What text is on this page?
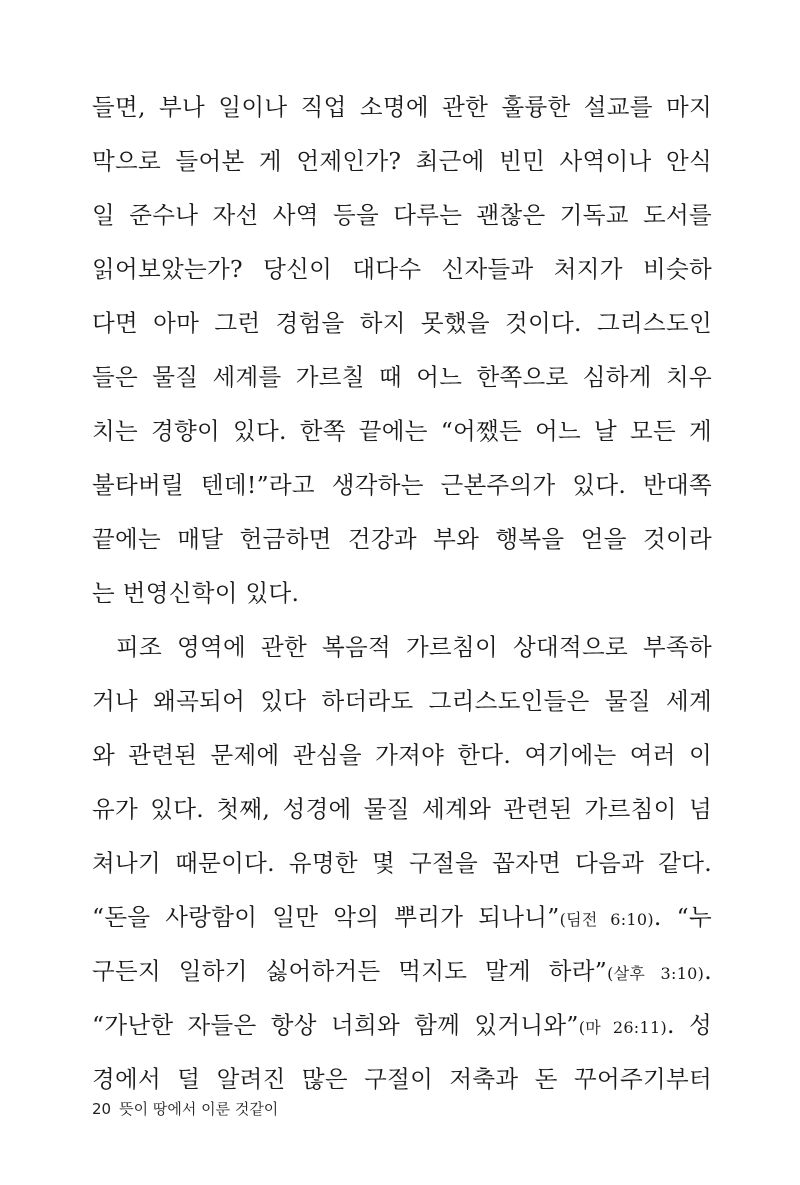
들면, 부나 일이나 직업 소명에 관한 훌륭한 설교를 마지
막으로 들어본 게 언제인가? 최근에 빈민 사역이나 안식
일 준수나 자선 사역 등을 다루는 괜찮은 기독교 도서를
읽어보았는가? 당신이 대다수 신자들과 처지가 비슷하
다면 아마 그런 경험을 하지 못했을 것이다. 그리스도인
들은 물질 세계를 가르칠 때 어느 한쪽으로 심하게 치우
치는 경향이 있다. 한쪽 끝에는 “어쨌든 어느 날 모든 게
불타버릴 텐데!”라고 생각하는 근본주의가 있다. 반대쪽
끝에는 매달 헌금하면 건강과 부와 행복을 얻을 것이라
는 번영신학이 있다.
피조 영역에 관한 복음적 가르침이 상대적으로 부족하
거나 왜곡되어 있다 하더라도 그리스도인들은 물질 세계
와 관련된 문제에 관심을 가져야 한다. 여기에는 여러 이
유가 있다. 첫째, 성경에 물질 세계와 관련된 가르침이 넘
쳐나기 때문이다. 유명한 몇 구절을 꼽자면 다음과 같다.
“돈을 사랑함이 일만 악의 뿌리가 되나니”(딤전 6:10). “누
구든지 일하기 싫어하거든 먹지도 말게 하라”(살후 3:10).
“가난한 자들은 항상 너희와 함께 있거니와”(마 26:11). 성
경에서 덜 알려진 많은 구절이 저축과 돈 꾸어주기부터
20 뜻이 땅에서 이룬 것같이
